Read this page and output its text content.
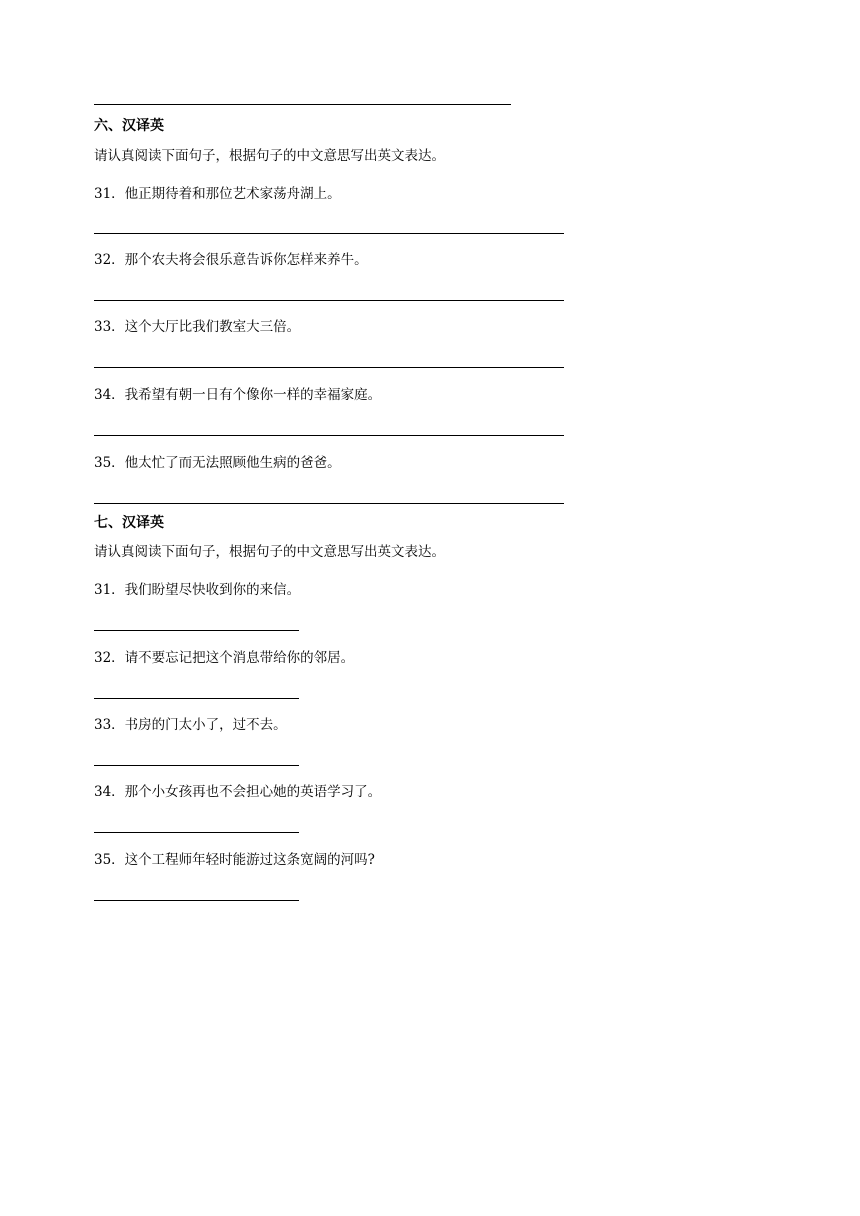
六、汉译英
请认真阅读下面句子，根据句子的中文意思写出英文表达。
31．他正期待着和那位艺术家荡舟湖上。
32．那个农夫将会很乐意告诉你怎样来养牛。
33．这个大厅比我们教室大三倍。
34．我希望有朝一日有个像你一样的幸福家庭。
35．他太忙了而无法照顾他生病的爸爸。
七、汉译英
请认真阅读下面句子，根据句子的中文意思写出英文表达。
31．我们盼望尽快收到你的来信。
32．请不要忘记把这个消息带给你的邻居。
33．书房的门太小了，过不去。
34．那个小女孩再也不会担心她的英语学习了。
35．这个工程师年轻时能游过这条宽阔的河吗?
